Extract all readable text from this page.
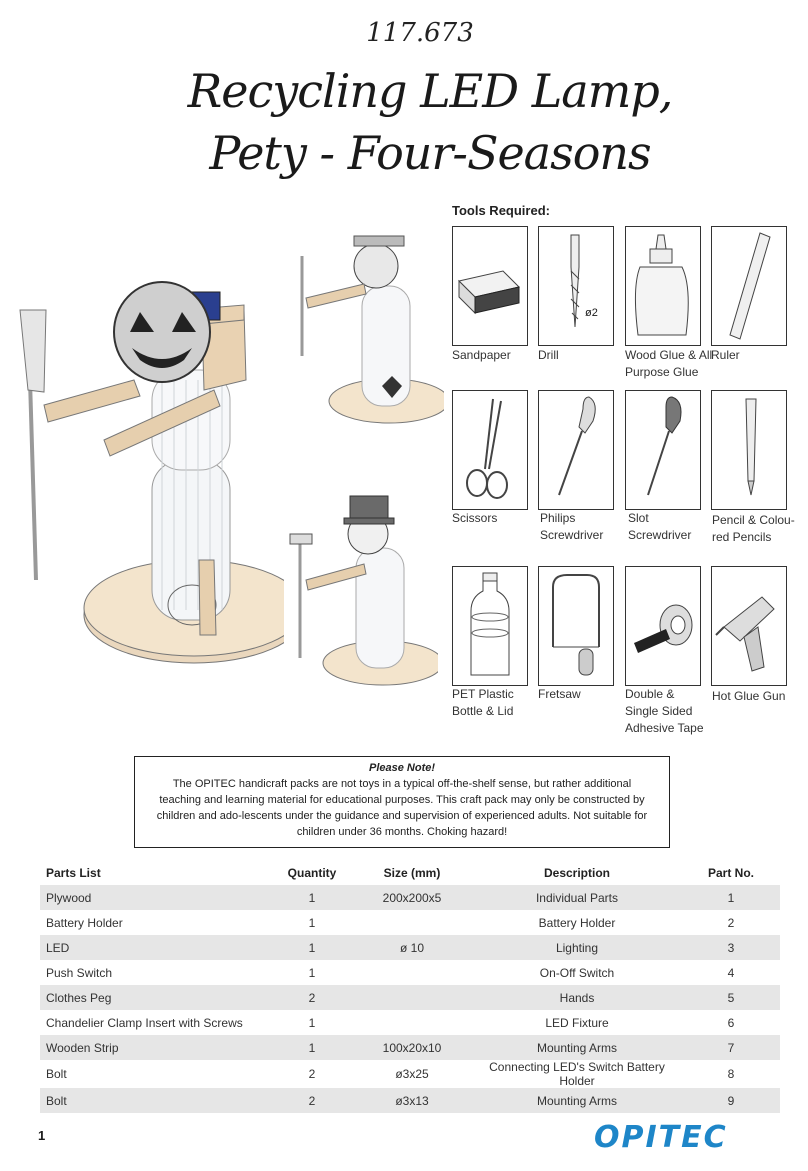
117.673
Recycling LED Lamp,
Pety - Four-Seasons
Tools Required:
ø2
Sandpaper	Drill	Wood Glue & All Purpose Glue
Ruler
Scissors	Philips Screwdriver
Slot Screwdriver
Pencil & Colou-red Pencils
PET Plastic Bottle & Lid
Fretsaw	Double & Single Sided Adhesive Tape
Hot Glue Gun
Please Note!
The OPITEC handicraft packs are not toys in a typical off-the-shelf sense, but rather additional teaching and learning material for educational purposes. This craft pack may only be constructed by children and ado-lescents under the guidance and supervision of experienced adults. Not suitable for children under 36 months. Choking hazard!
Parts List	Quantity	Size (mm)	Description	Part No.
Plywood	1	200x200x5	Individual Parts	1
Battery Holder	1		Battery Holder	2
LED	1	ø 10	Lighting	3
Push Switch	1		On-Off Switch	4
Clothes Peg	2		Hands	5
Chandelier Clamp Insert with Screws	1		LED Fixture	6
Wooden Strip	1	100x20x10	Mounting Arms	7
Bolt	2	ø3x25	Connecting LED's Switch Battery Holder	8
Bolt	2	ø3x13	Mounting Arms	9
1	OPITEC
